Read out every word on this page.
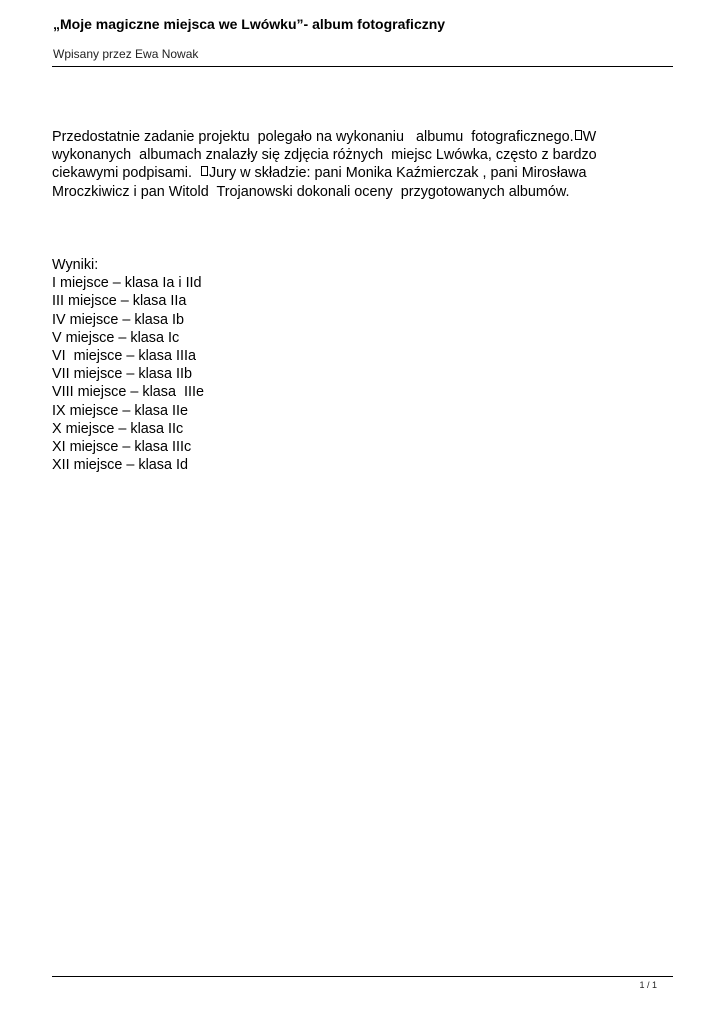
„Moje magiczne miejsca we Lwówku”- album fotograficzny
Wpisany przez Ewa Nowak
Przedostatnie zadanie projektu  polegało na wykonaniu   albumu  fotograficznego. W
wykonanych  albumach znalazły się zdjęcia różnych  miejsc Lwówka, często z bardzo
ciekawymi podpisami.  Jury w składzie: pani Monika Kaźmierczak , pani Mirosława
Mroczkiwicz i pan Witold  Trojanowski dokonali oceny  przygotowanych albumów.
Wyniki:
I miejsce – klasa Ia i IId
III miejsce – klasa IIa
IV miejsce – klasa Ib
V miejsce – klasa Ic
VI  miejsce – klasa IIIa
VII miejsce – klasa IIb
VIII miejsce – klasa  IIIe
IX miejsce – klasa IIe
X miejsce – klasa IIc
XI miejsce – klasa IIIc
XII miejsce – klasa Id
1 / 1
